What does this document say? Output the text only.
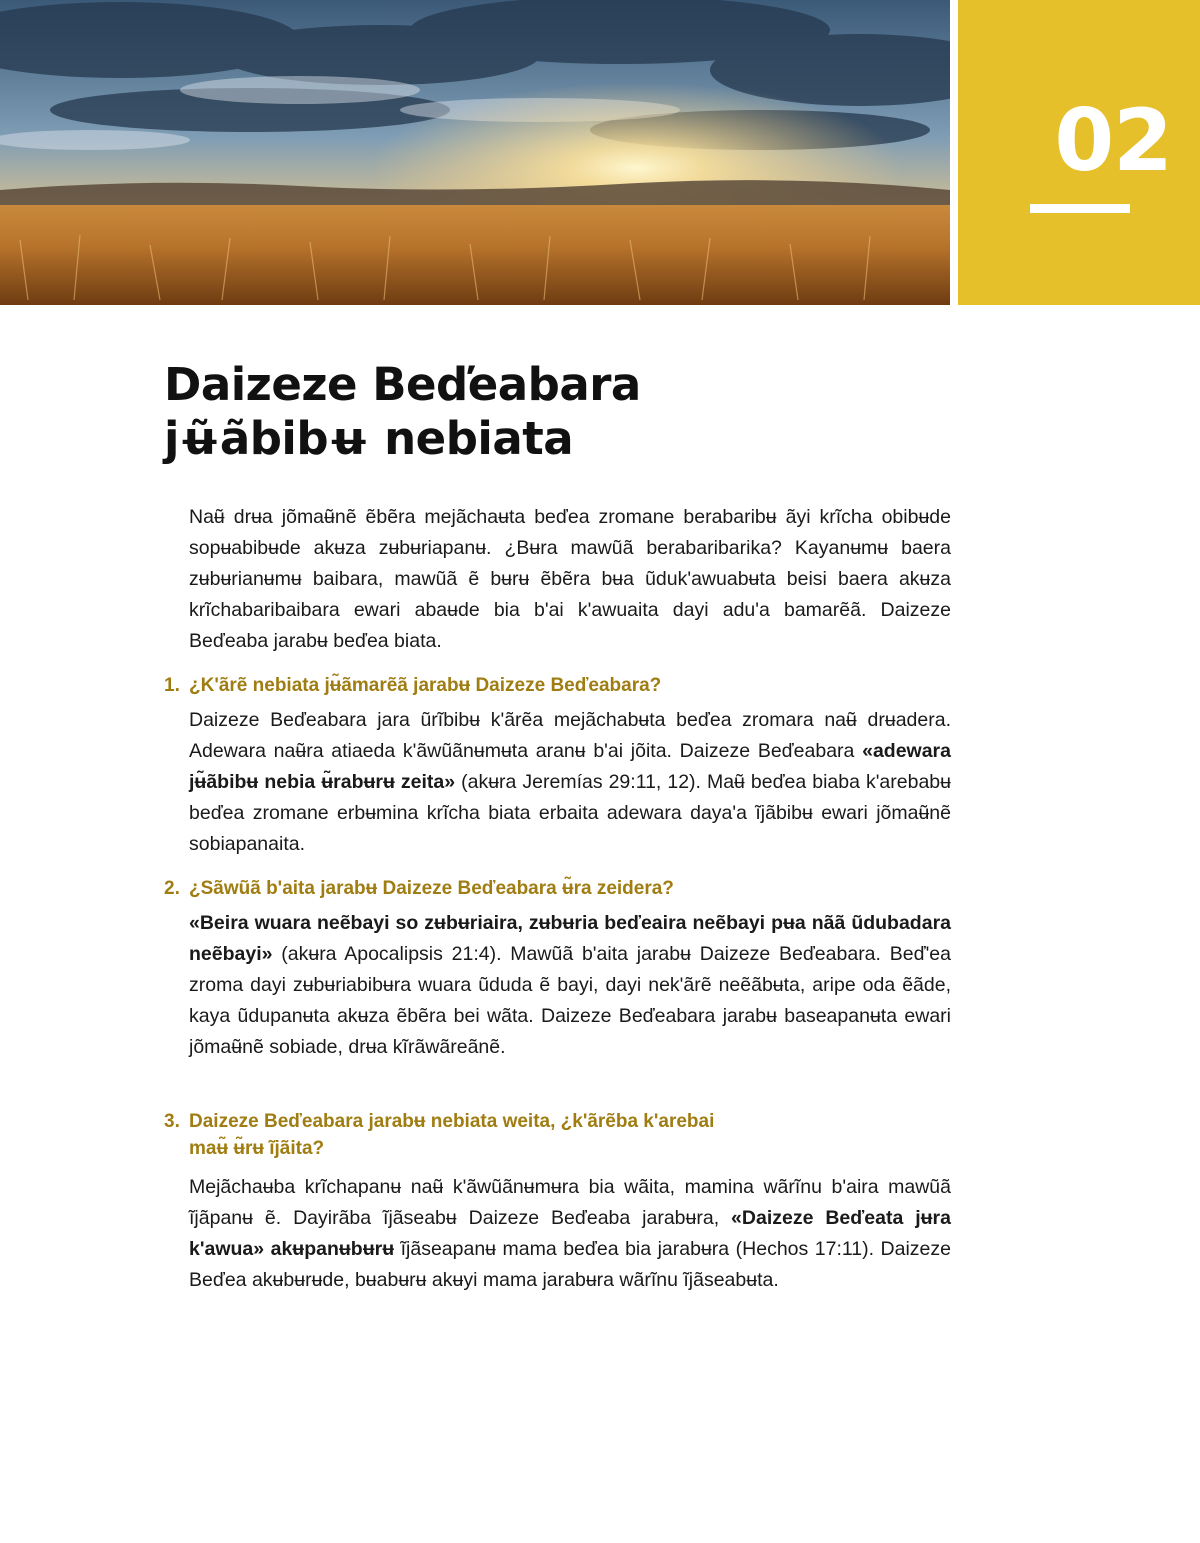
02
Daizeze Beďeabara
jʉ̃ãbibʉ nebiata

Naʉ̃ drʉa jõmaʉ̃nẽ ẽbẽra mejãchaʉta beďea zromane berabaribʉ ãyi krĩcha obibʉde sopʉabibʉde akʉza zʉbʉriapanʉ. ¿Bʉra mawũã berabaribarika? Kayanʉmʉ baera zʉbʉrianʉmʉ baibara, mawũã ẽ bʉrʉ ẽbẽra bʉa ũduk'awuabʉta beisi baera akʉza krĩchabaribaibara ewari abaʉde bia b'ai k'awuaita dayi adu'a bamarẽã. Daizeze Beďeaba jarabʉ beďea biata.

1. ¿K'ãrẽ nebiata jʉ̃ãmarẽã jarabʉ Daizeze Beďeabara?

Daizeze Beďeabara jara ũrĩbibʉ k'ãrẽa mejãchabʉta beďea zromara naʉ̃ drʉadera. Adewara naʉ̃ra atiaeda k'ãwũãnʉmʉta aranʉ b'ai jõita. Daizeze Beďeabara «adewara jʉ̃ãbibʉ nebia ʉ̃rabʉrʉ zeita» (akʉra Jeremías 29:11, 12). Maʉ̃ beďea biaba k'arebabʉ beďea zromane erbʉmina krĩcha biata erbaita adewara daya'a ĩjãbibʉ ewari jõmaʉ̃nẽ sobiapanaita.

2. ¿Sãwũã b'aita jarabʉ Daizeze Beďeabara ʉ̃ra zeidera?

«Beira wuara neẽbayi so zʉbʉriaira, zʉbʉria beďeaira neẽbayi pʉa nãã ũdubadara neẽbayi» (akʉra Apocalipsis 21:4). Mawũã b'aita jarabʉ Daizeze Beďeabara. Beď'ea zroma dayi zʉbʉriabibʉra wuara ũduda ẽ bayi, dayi nek'ãrẽ neẽãbʉta, aripe oda ẽãde, kaya ũdupanʉta akʉza ẽbẽra bei wãta. Daizeze Beďeabara jarabʉ baseapanʉta ewari jõmaʉ̃nẽ sobiade, drʉa kĩrãwãreãnẽ.

3. Daizeze Beďeabara jarabʉ nebiata weita, ¿k'ãrẽba k'arebai
maʉ̃ ʉ̃rʉ ĩjãita?

Mejãchaʉba krĩchapanʉ naʉ̃ k'ãwũãnʉmʉra bia wãita, mamina wãrĩnu b'aira mawũã ĩjãpanʉ ẽ. Dayirãba ĩjãseabʉ Daizeze Beďeaba jarabʉra, «Daizeze Beďeata jʉra k'awua» akʉpanʉbʉrʉ ĩjãseapanʉ mama beďea bia jarabʉra (Hechos 17:11). Daizeze Beďea akʉbʉrʉde, bʉabʉrʉ akʉyi mama jarabʉra wãrĩnu ĩjãseabʉta.
